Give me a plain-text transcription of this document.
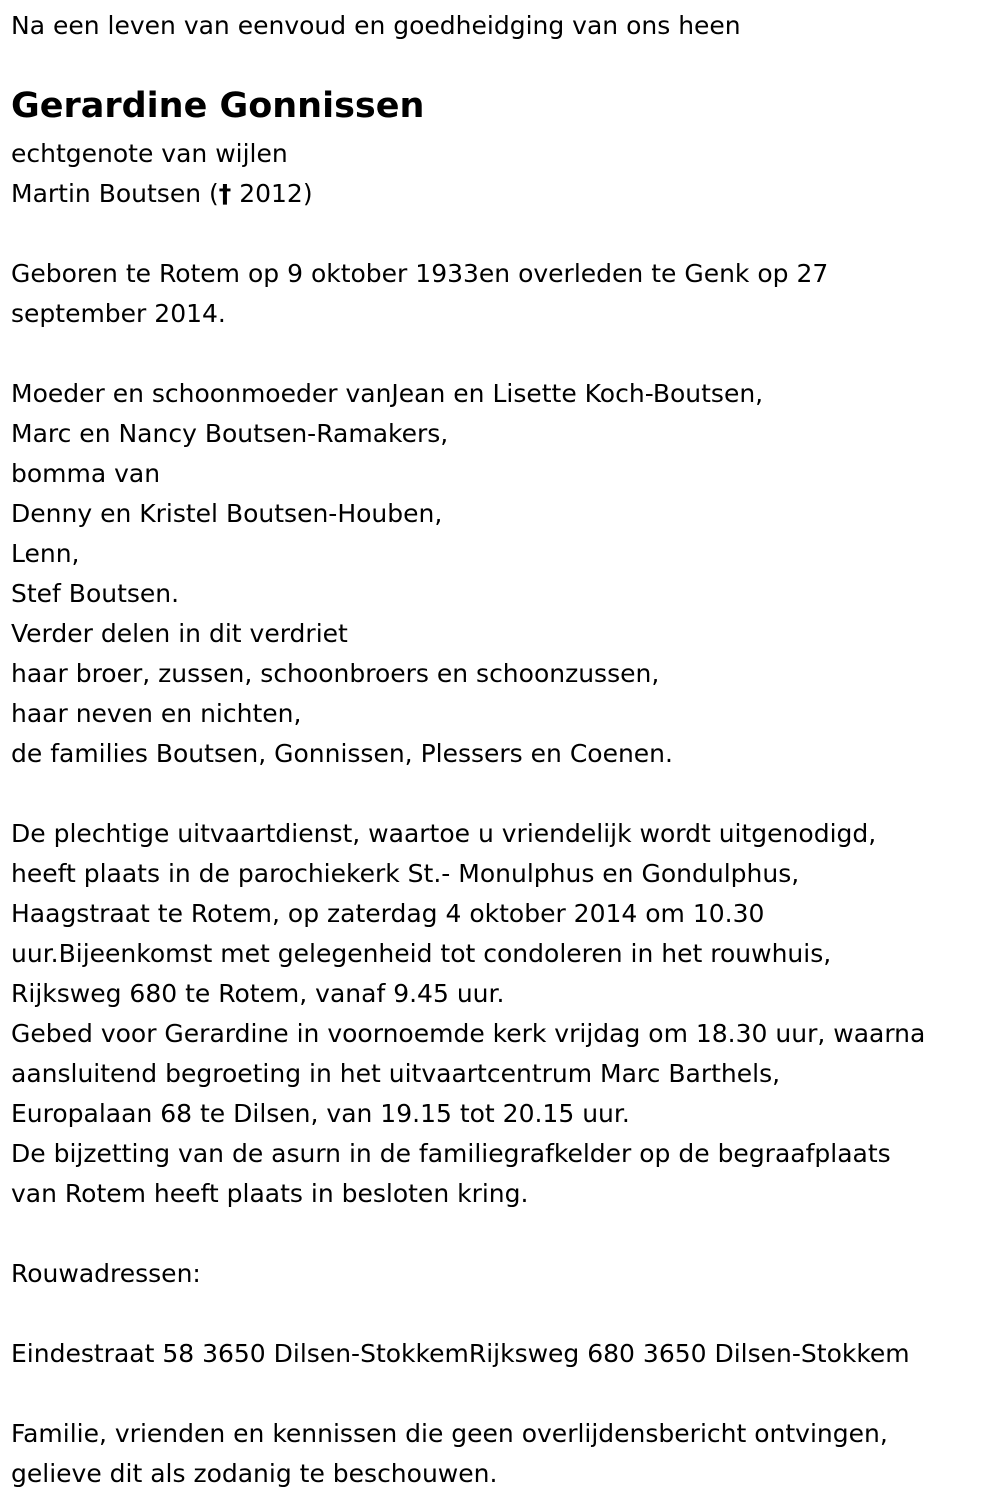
Na een leven van eenvoud en goedheidging van ons heen

Gerardine Gonnissen

echtgenote van wijlen

Martin Boutsen († 2012)

Geboren te Rotem op 9 oktober 1933en overleden te Genk op 27

september 2014.

Moeder en schoonmoeder vanJean en Lisette Koch-Boutsen,

Marc en Nancy Boutsen-Ramakers,

bomma van

Denny en Kristel Boutsen-Houben,

Lenn,

Stef Boutsen.

Verder delen in dit verdriet

haar broer, zussen, schoonbroers en schoonzussen,

haar neven en nichten,

de families Boutsen, Gonnissen, Plessers en Coenen.

De plechtige uitvaartdienst, waartoe u vriendelijk wordt uitgenodigd,

heeft plaats in de parochiekerk St.- Monulphus en Gondulphus,

Haagstraat te Rotem, op zaterdag 4 oktober 2014 om 10.30

uur.Bijeenkomst met gelegenheid tot condoleren in het rouwhuis,

Rijksweg 680 te Rotem, vanaf 9.45 uur.

Gebed voor Gerardine in voornoemde kerk vrijdag om 18.30 uur, waarna

aansluitend begroeting in het uitvaartcentrum Marc Barthels,

Europalaan 68 te Dilsen, van 19.15 tot 20.15 uur.

De bijzetting van de asurn in de familiegrafkelder op de begraafplaats

van Rotem heeft plaats in besloten kring.

Rouwadressen:

Eindestraat 58 3650 Dilsen-StokkemRijksweg 680 3650 Dilsen-Stokkem

Familie, vrienden en kennissen die geen overlijdensbericht ontvingen,

gelieve dit als zodanig te beschouwen.
